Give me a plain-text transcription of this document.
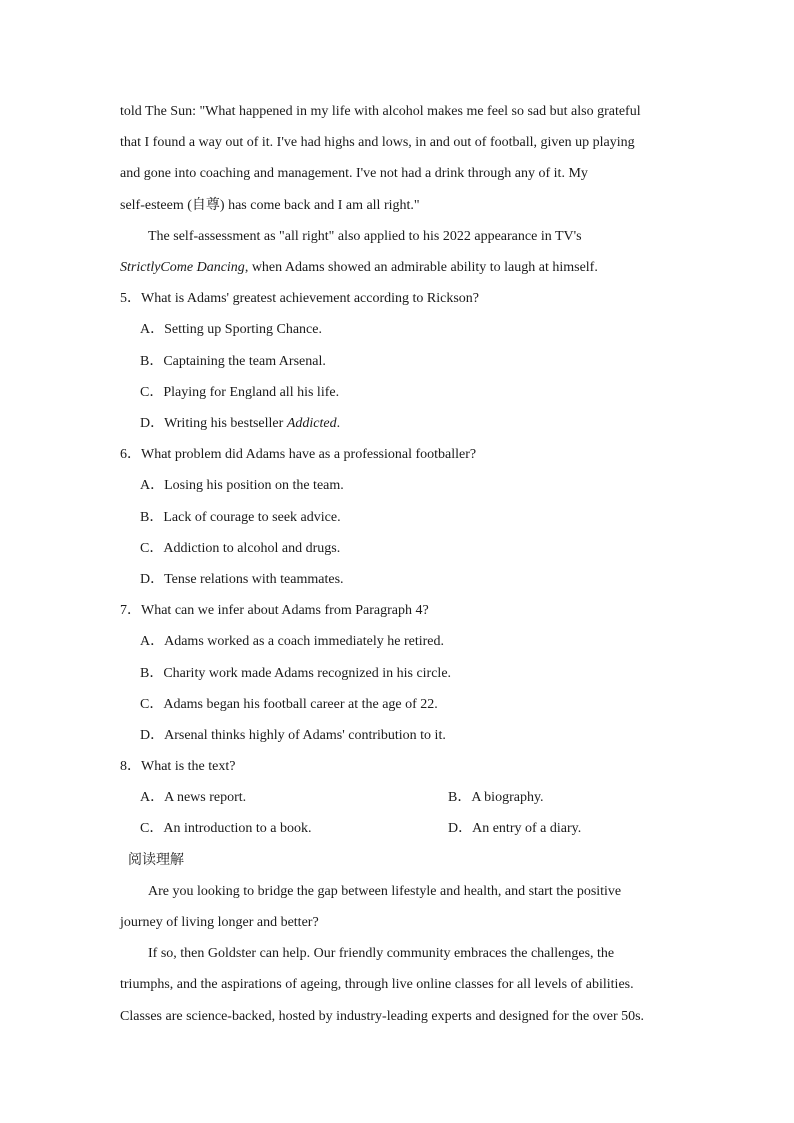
told The Sun: "What happened in my life with alcohol makes me feel so sad but also grateful
that I found a way out of it. I've had highs and lows, in and out of football, given up playing
and gone into coaching and management. I've not had a drink through any of it. My
self-esteem (自尊) has come back and I am all right."
The self-assessment as "all right" also applied to his 2022 appearance in TV's
StrictlyCome Dancing, when Adams showed an admirable ability to laugh at himself.
5．What is Adams' greatest achievement according to Rickson?
A．Setting up Sporting Chance.
B．Captaining the team Arsenal.
C．Playing for England all his life.
D．Writing his bestseller Addicted.
6．What problem did Adams have as a professional footballer?
A．Losing his position on the team.
B．Lack of courage to seek advice.
C．Addiction to alcohol and drugs.
D．Tense relations with teammates.
7．What can we infer about Adams from Paragraph 4?
A．Adams worked as a coach immediately he retired.
B．Charity work made Adams recognized in his circle.
C．Adams began his football career at the age of 22.
D．Arsenal thinks highly of Adams' contribution to it.
8．What is the text?
A．A news report.	B．A biography.
C．An introduction to a book.	D．An entry of a diary.
阅读理解
Are you looking to bridge the gap between lifestyle and health, and start the positive
journey of living longer and better?
If so, then Goldster can help. Our friendly community embraces the challenges, the
triumphs, and the aspirations of ageing, through live online classes for all levels of abilities.
Classes are science-backed, hosted by industry-leading experts and designed for the over 50s.
